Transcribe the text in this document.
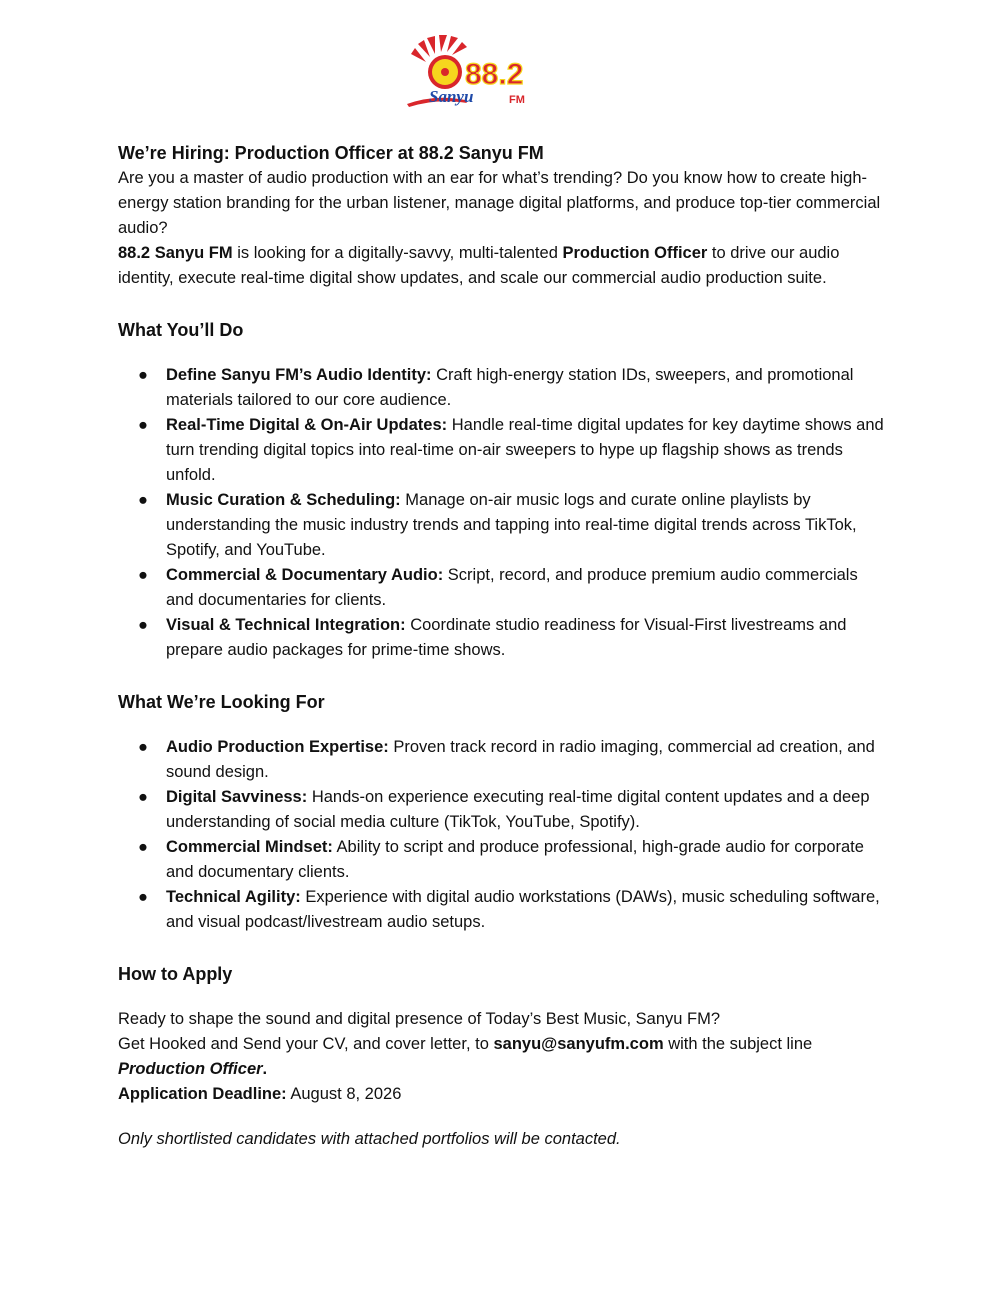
88.2
Sanyu	FM
We’re Hiring: Production Officer at 88.2 Sanyu FM

Are you a master of audio production with an ear for what’s trending? Do you know how to create high-energy station branding for the urban listener, manage digital platforms, and produce top-tier commercial audio?

88.2 Sanyu FM is looking for a digitally-savvy, multi-talented Production Officer to drive our audio identity, execute real-time digital show updates, and scale our commercial audio production suite.

What You’ll Do
● Define Sanyu FM’s Audio Identity: Craft high-energy station IDs, sweepers, and promotional materials tailored to our core audience.
● Real-Time Digital & On-Air Updates: Handle real-time digital updates for key daytime shows and turn trending digital topics into real-time on-air sweepers to hype up flagship shows as trends unfold.
● Music Curation & Scheduling: Manage on-air music logs and curate online playlists by understanding the music industry trends and tapping into real-time digital trends across TikTok, Spotify, and YouTube.
● Commercial & Documentary Audio: Script, record, and produce premium audio commercials and documentaries for clients.
● Visual & Technical Integration: Coordinate studio readiness for Visual-First livestreams and prepare audio packages for prime-time shows.
What We’re Looking For
● Audio Production Expertise: Proven track record in radio imaging, commercial ad creation, and sound design.
● Digital Savviness: Hands-on experience executing real-time digital content updates and a deep understanding of social media culture (TikTok, YouTube, Spotify).
● Commercial Mindset: Ability to script and produce professional, high-grade audio for corporate and documentary clients.
● Technical Agility: Experience with digital audio workstations (DAWs), music scheduling software, and visual podcast/livestream audio setups.
How to Apply

Ready to shape the sound and digital presence of Today’s Best Music, Sanyu FM?

Get Hooked and Send your CV, and cover letter, to sanyu@sanyufm.com with the subject line Production Officer.

Application Deadline: August 8, 2026

Only shortlisted candidates with attached portfolios will be contacted.
